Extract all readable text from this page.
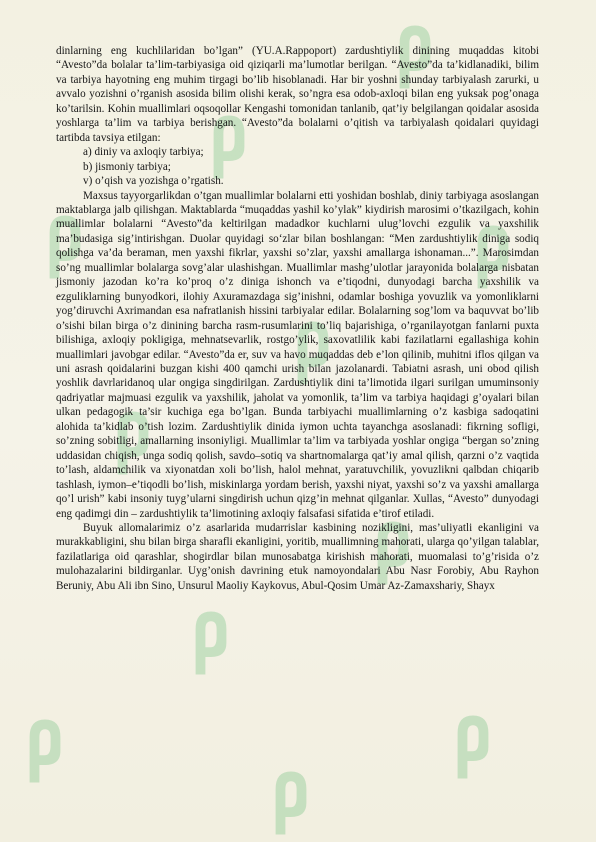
dinlarning eng kuchlilaridan bo’lgan” (YU.A.Rappoport) zardushtiylik dinining muqaddas kitobi “Avesto”da bolalar ta’lim-tarbiyasiga oid qiziqarli ma’lumotlar berilgan. “Avesto”da ta’kidlanadiki, bilim va tarbiya hayotning eng muhim tirgagi bo’lib hisoblanadi. Har bir yoshni shunday tarbiyalash zarurki, u avvalo yozishni o’rganish asosida bilim olishi kerak, so’ngra esa odob-axloqi bilan eng yuksak pog’onaga ko’tarilsin. Kohin muallimlari oqsoqollar Kengashi tomonidan tanlanib, qat’iy belgilangan qoidalar asosida yoshlarga ta’lim va tarbiya berishgan. “Avesto”da bolalarni o’qitish va tarbiyalash qoidalari quyidagi tartibda tavsiya etilgan:

a) diniy va axloqiy tarbiya;

b) jismoniy tarbiya;

v) o’qish va yozishga o’rgatish.

Maxsus tayyorgarlikdan o’tgan muallimlar bolalarni etti yoshidan boshlab, diniy tarbiyaga asoslangan maktablarga jalb qilishgan. Maktablarda “muqaddas yashil ko’ylak” kiydirish marosimi o’tkazilgach, kohin muallimlar bolalarni “Avesto”da keltirilgan madadkor kuchlarni ulug’lovchi ezgulik va yaxshilik ma’budasiga sig’intirishgan. Duolar quyidagi so‘zlar bilan boshlangan: “Men zardushtiylik diniga sodiq qolishga va’da beraman, men yaxshi fikrlar, yaxshi so’zlar, yaxshi amallarga ishonaman...”. Marosimdan so’ng muallimlar bolalarga sovg’alar ulashishgan. Muallimlar mashg’ulotlar jarayonida bolalarga nisbatan jismoniy jazodan ko’ra ko’proq o’z diniga ishonch va e’tiqodni, dunyodagi barcha yaxshilik va ezguliklarning bunyodkori, ilohiy Axuramazdaga sig’inishni, odamlar boshiga yovuzlik va yomonliklarni yog’diruvchi Axrimandan esa nafratlanish hissini tarbiyalar edilar. Bolalarning sog’lom va baquvvat bo’lib o’sishi bilan birga o’z dinining barcha rasm-rusumlarini to’liq bajarishiga, o’rganilayotgan fanlarni puxta bilishiga, axloqiy pokligiga, mehnatsevarlik, rostgo’ylik, saxovatlilik kabi fazilatlarni egallashiga kohin muallimlari javobgar edilar. “Avesto”da er, suv va havo muqaddas deb e’lon qilinib, muhitni iflos qilgan va uni asrash qoidalarini buzgan kishi 400 qamchi urish bilan jazolanardi. Tabiatni asrash, uni obod qilish yoshlik davrlaridanoq ular ongiga singdirilgan. Zardushtiylik dini ta’limotida ilgari surilgan umuminsoniy qadriyatlar majmuasi ezgulik va yaxshilik, jaholat va yomonlik, ta’lim va tarbiya haqidagi g’oyalari bilan ulkan pedagogik ta’sir kuchiga ega bo’lgan. Bunda tarbiyachi muallimlarning o’z kasbiga sadoqatini alohida ta’kidlab o’tish lozim. Zardushtiylik dinida iymon uchta tayanchga asoslanadi: fikrning sofligi, so’zning sobitligi, amallarning insoniyligi. Muallimlar ta’lim va tarbiyada yoshlar ongiga “bergan so’zning uddasidan chiqish, unga sodiq qolish, savdo–sotiq va shartnomalarga qat’iy amal qilish, qarzni o’z vaqtida to’lash, aldamchilik va xiyonatdan xoli bo’lish, halol mehnat, yaratuvchilik, yovuzlikni qalbdan chiqarib tashlash, iymon–e’tiqodli bo’lish, miskinlarga yordam berish, yaxshi niyat, yaxshi so’z va yaxshi amallarga qo’l urish” kabi insoniy tuyg’ularni singdirish uchun qizg’in mehnat qilganlar. Xullas, “Avesto” dunyodagi eng qadimgi din – zardushtiylik ta’limotining axloqiy falsafasi sifatida e’tirof etiladi.

Buyuk allomalarimiz o’z asarlarida mudarrislar kasbining nozikligini, mas’uliyatli ekanligini va murakkabligini, shu bilan birga sharafli ekanligini, yoritib, muallimning mahorati, ularga qo’yilgan talablar, fazilatlariga oid qarashlar, shogirdlar bilan munosabatga kirishish mahorati, muomalasi to’g’risida o’z mulohazalarini bildirganlar. Uyg’onish davrining etuk namoyondalari Abu Nasr Forobiy, Abu Rayhon Beruniy, Abu Ali ibn Sino, Unsurul Maoliy Kaykovus, Abul-Qosim Umar Az-Zamaxshariy, Shayx
